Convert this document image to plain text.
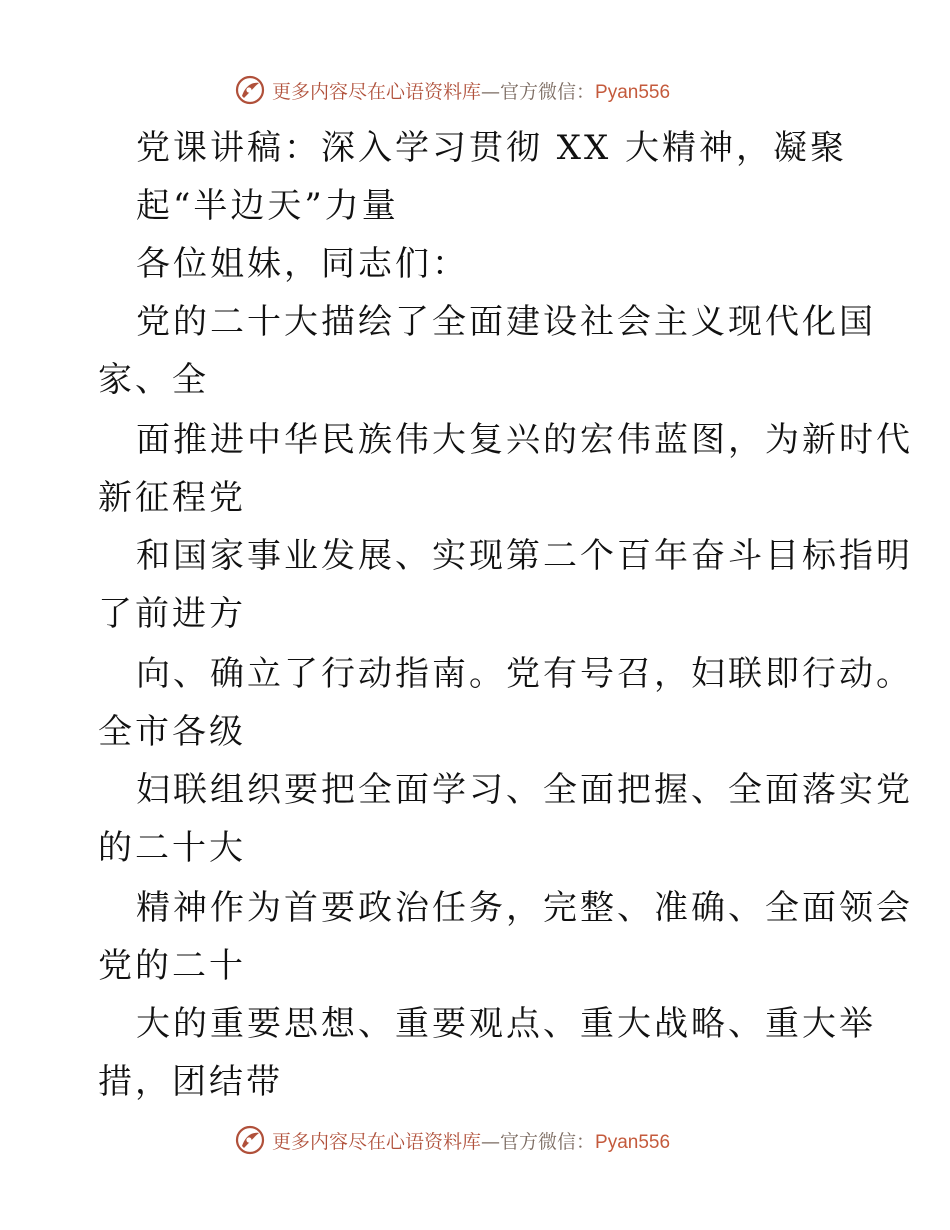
更多内容尽在心语资料库—官方微信：Pyan556
党课讲稿：深入学习贯彻 XX 大精神，凝聚
起“半边天”力量
各位姐妹，同志们：
党的二十大描绘了全面建设社会主义现代化国
家、全
面推进中华民族伟大复兴的宏伟蓝图，为新时代
新征程党
和国家事业发展、实现第二个百年奋斗目标指明
了前进方
向、确立了行动指南。党有号召，妇联即行动。
全市各级
妇联组织要把全面学习、全面把握、全面落实党
的二十大
精神作为首要政治任务，完整、准确、全面领会
党的二十
大的重要思想、重要观点、重大战略、重大举
措，团结带
更多内容尽在心语资料库—官方微信：Pyan556
